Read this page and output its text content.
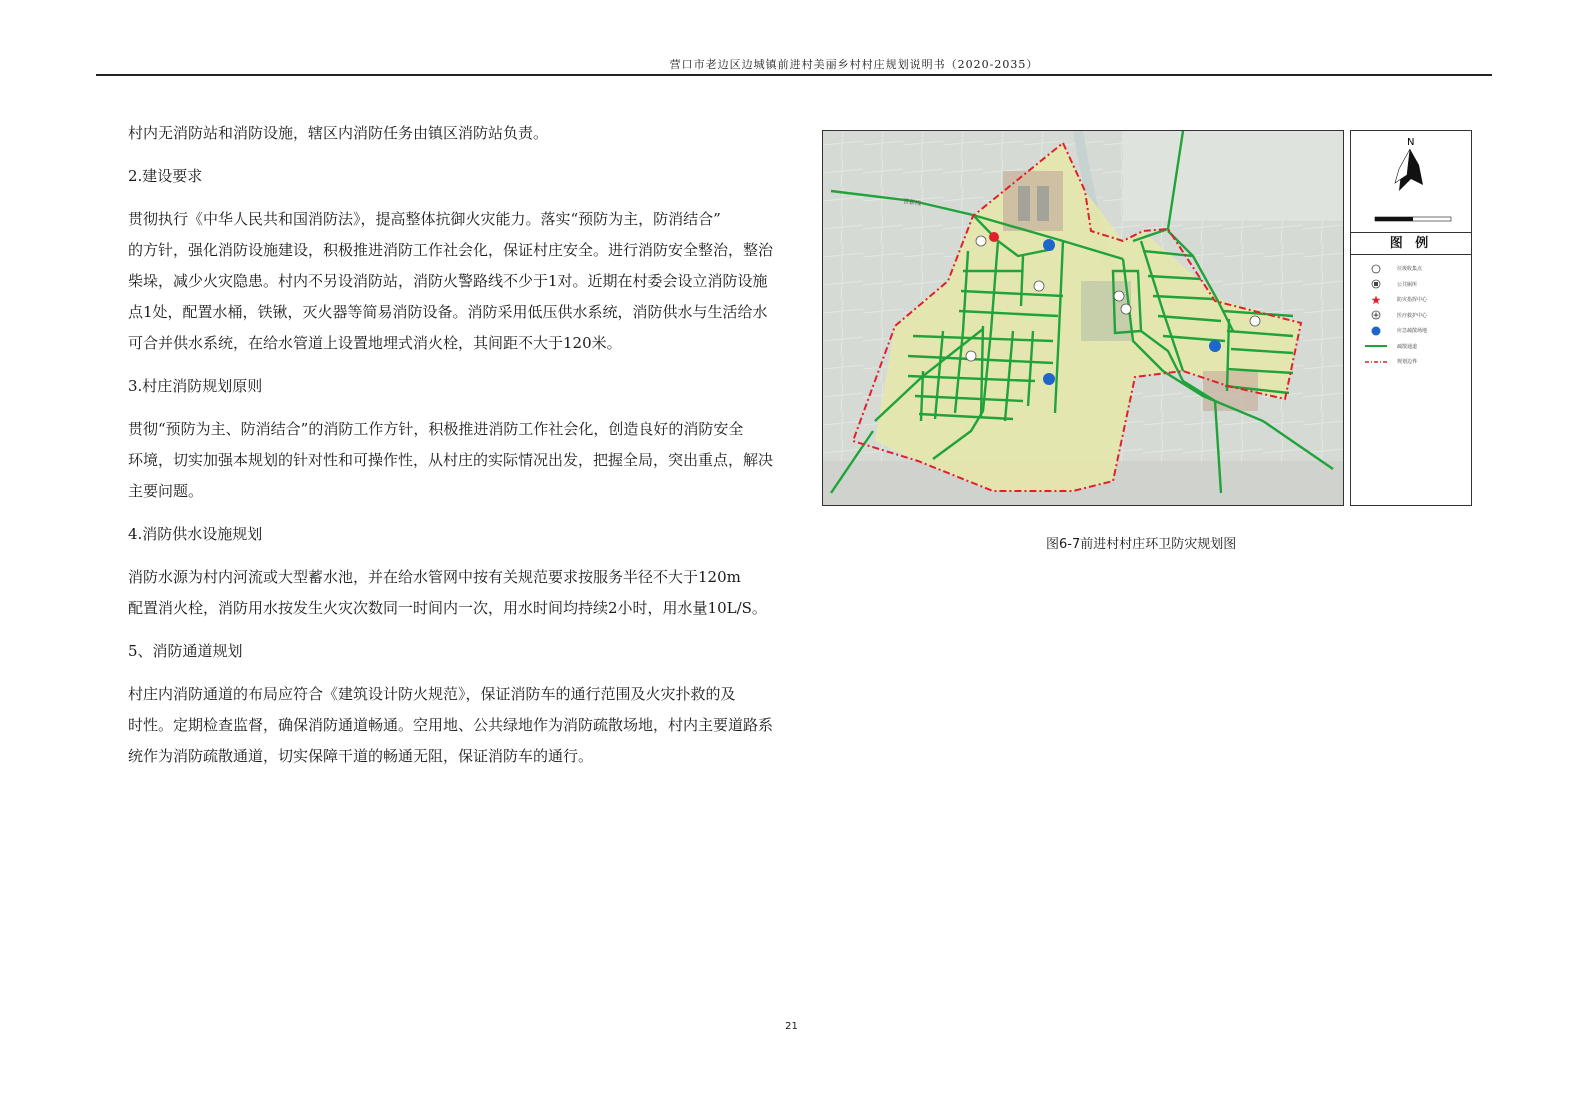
营口市老边区边城镇前进村美丽乡村村庄规划说明书（2020-2035）
村内无消防站和消防设施，辖区内消防任务由镇区消防站负责。
2.建设要求
贯彻执行《中华人民共和国消防法》，提高整体抗御火灾能力。落实“预防为主，防消结合”
的方针，强化消防设施建设，积极推进消防工作社会化，保证村庄安全。进行消防安全整治，整治
柴垛，减少火灾隐患。村内不另设消防站，消防火警路线不少于1对。近期在村委会设立消防设施
点1处，配置水桶，铁锹，灭火器等简易消防设备。消防采用低压供水系统，消防供水与生活给水
可合并供水系统，在给水管道上设置地埋式消火栓，其间距不大于120米。
3.村庄消防规划原则
贯彻“预防为主、防消结合”的消防工作方针，积极推进消防工作社会化，创造良好的消防安全
环境，切实加强本规划的针对性和可操作性，从村庄的实际情况出发，把握全局，突出重点，解决
主要问题。
4.消防供水设施规划
消防水源为村内河流或大型蓄水池，并在给水管网中按有关规范要求按服务半径不大于120m
配置消火栓，消防用水按发生火灾次数同一时间内一次，用水时间均持续2小时，用水量10L/S。
5、消防通道规划
村庄内消防通道的布局应符合《建筑设计防火规范》，保证消防车的通行范围及火灾扑救的及
时性。定期检查监督，确保消防通道畅通。空用地、公共绿地作为消防疏散场地，村内主要道路系
统作为消防疏散通道，切实保障干道的畅通无阻，保证消防车的通行。
营新线
N
图 例
垃圾收集点
公共厕所
防灾指挥中心
医疗救护中心
应急疏散场地
疏散通道
规划边界
图6-7前进村村庄环卫防灾规划图
21
